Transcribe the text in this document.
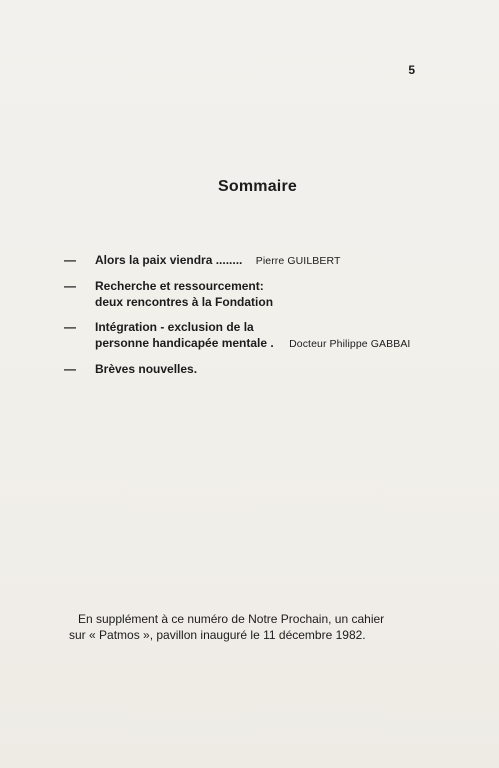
5
Sommaire
— Alors la paix viendra ........ Pierre GUILBERT
— Recherche et ressourcement:
deux rencontres à la Fondation
— Intégration - exclusion de la
personne handicapée mentale . Docteur Philippe GABBAI
— Brèves nouvelles.
En supplément à ce numéro de Notre Prochain, un cahier
sur « Patmos », pavillon inauguré le 11 décembre 1982.
